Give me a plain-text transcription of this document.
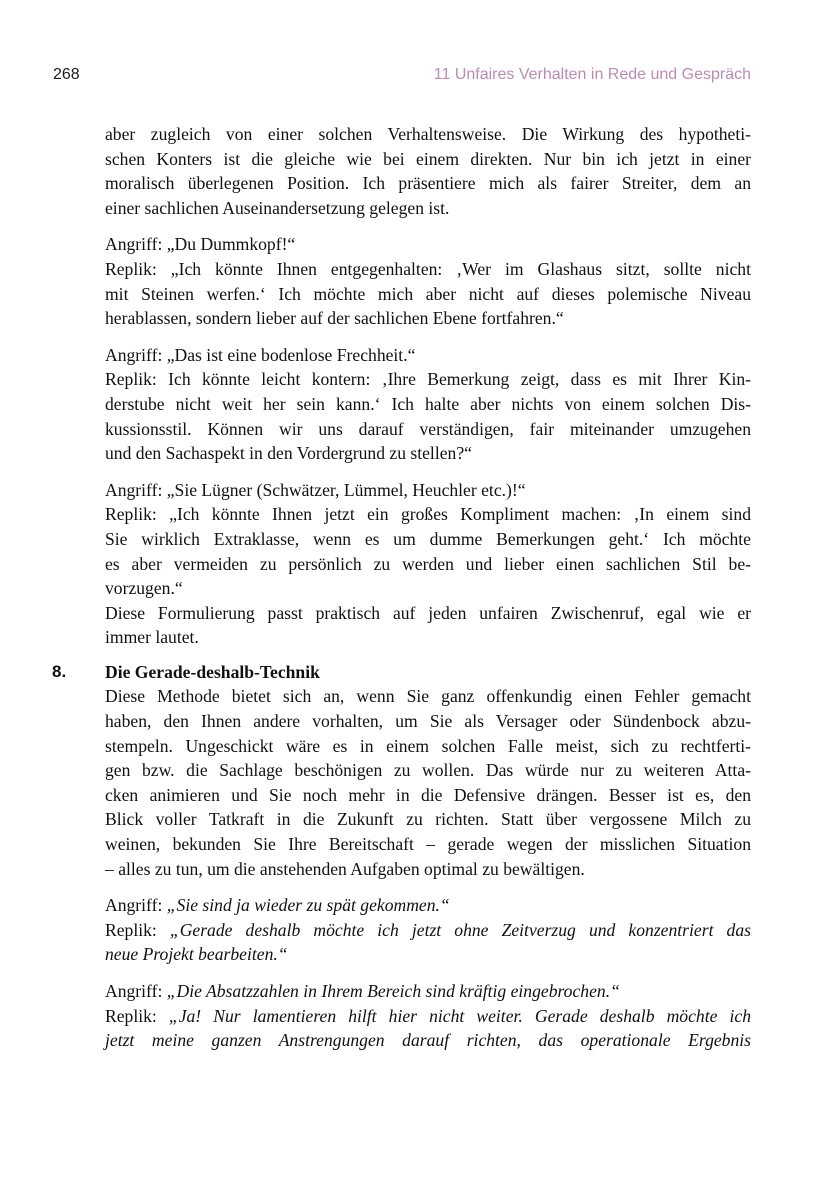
268	11 Unfaires Verhalten in Rede und Gespräch
aber zugleich von einer solchen Verhaltensweise. Die Wirkung des hypotheti-
schen Konters ist die gleiche wie bei einem direkten. Nur bin ich jetzt in einer
moralisch überlegenen Position. Ich präsentiere mich als fairer Streiter, dem an
einer sachlichen Auseinandersetzung gelegen ist.
Angriff: „Du Dummkopf!“
Replik: „Ich könnte Ihnen entgegenhalten: ‚Wer im Glashaus sitzt, sollte nicht
mit Steinen werfen.‘ Ich möchte mich aber nicht auf dieses polemische Niveau
herablassen, sondern lieber auf der sachlichen Ebene fortfahren.“
Angriff: „Das ist eine bodenlose Frechheit.“
Replik: Ich könnte leicht kontern: ‚Ihre Bemerkung zeigt, dass es mit Ihrer Kin-
derstube nicht weit her sein kann.‘ Ich halte aber nichts von einem solchen Dis-
kussionsstil. Können wir uns darauf verständigen, fair miteinander umzugehen
und den Sachaspekt in den Vordergrund zu stellen?“
Angriff: „Sie Lügner (Schwätzer, Lümmel, Heuchler etc.)!“
Replik: „Ich könnte Ihnen jetzt ein großes Kompliment machen: ‚In einem sind
Sie wirklich Extraklasse, wenn es um dumme Bemerkungen geht.‘ Ich möchte
es aber vermeiden zu persönlich zu werden und lieber einen sachlichen Stil be-
vorzugen.“
Diese Formulierung passt praktisch auf jeden unfairen Zwischenruf, egal wie er
immer lautet.
8. Die Gerade-deshalb-Technik
Diese Methode bietet sich an, wenn Sie ganz offenkundig einen Fehler gemacht
haben, den Ihnen andere vorhalten, um Sie als Versager oder Sündenbock abzu-
stempeln. Ungeschickt wäre es in einem solchen Falle meist, sich zu rechtferti-
gen bzw. die Sachlage beschönigen zu wollen. Das würde nur zu weiteren Atta-
cken animieren und Sie noch mehr in die Defensive drängen. Besser ist es, den
Blick voller Tatkraft in die Zukunft zu richten. Statt über vergossene Milch zu
weinen, bekunden Sie Ihre Bereitschaft – gerade wegen der misslichen Situation
– alles zu tun, um die anstehenden Aufgaben optimal zu bewältigen.
Angriff: „Sie sind ja wieder zu spät gekommen.“
Replik: „Gerade deshalb möchte ich jetzt ohne Zeitverzug und konzentriert das
neue Projekt bearbeiten.“
Angriff: „Die Absatzzahlen in Ihrem Bereich sind kräftig eingebrochen.“
Replik: „Ja! Nur lamentieren hilft hier nicht weiter. Gerade deshalb möchte ich
jetzt meine ganzen Anstrengungen darauf richten, das operationale Ergebnis
